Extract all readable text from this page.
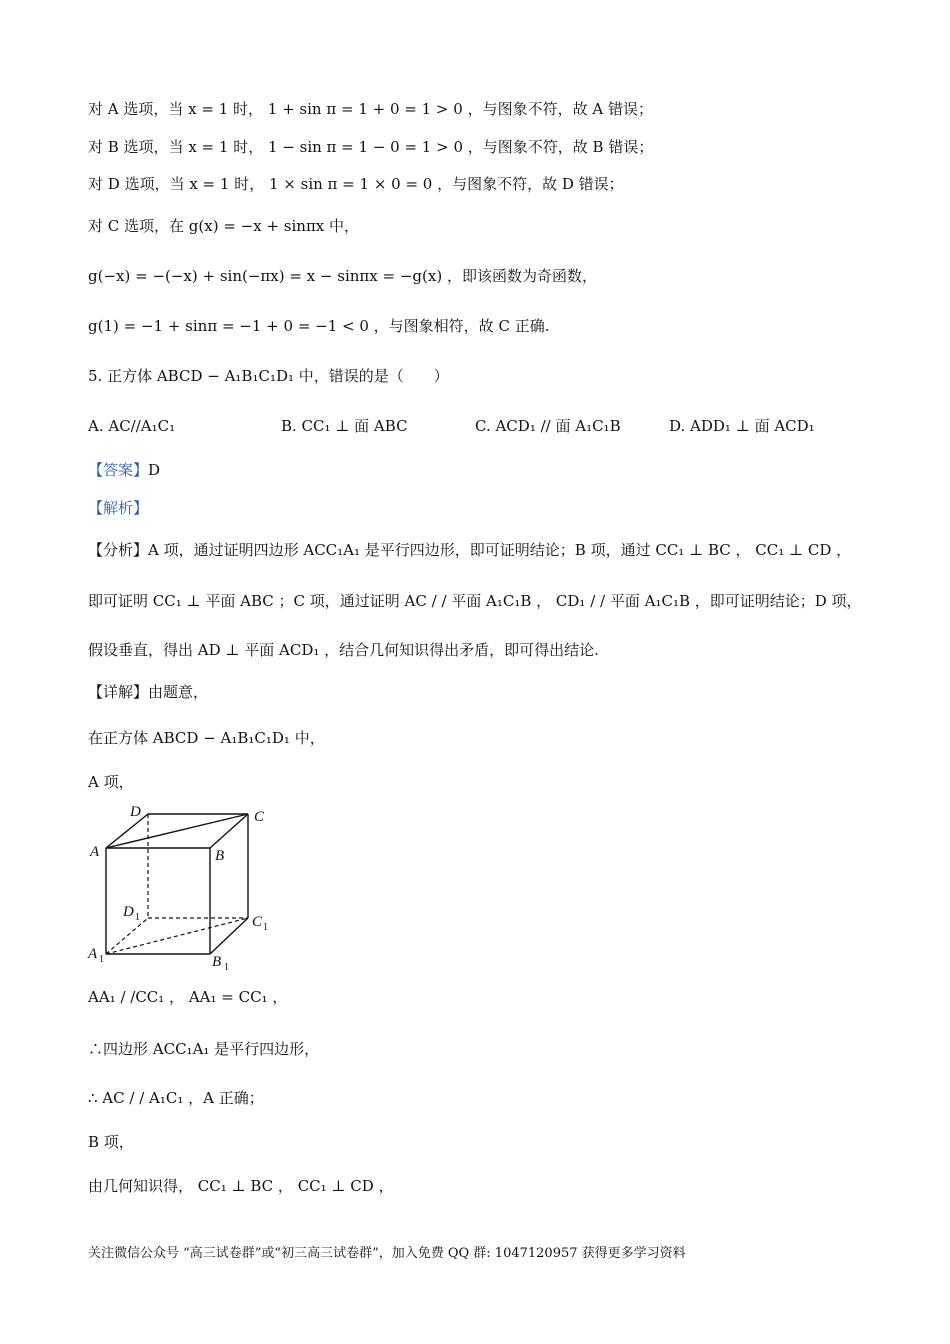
对 A 选项，当 x = 1 时， 1 + sin π = 1 + 0 = 1 > 0 ，与图象不符，故 A 错误；
对 B 选项，当 x = 1 时， 1 − sin π = 1 − 0 = 1 > 0 ，与图象不符，故 B 错误；
对 D 选项，当 x = 1 时， 1 × sin π = 1 × 0 = 0 ，与图象不符，故 D 错误；
对 C 选项，在 g(x) = −x + sinπx 中，
g(−x) = −(−x) + sin(−πx) = x − sinπx = −g(x) ，即该函数为奇函数，
g(1) = −1 + sinπ = −1 + 0 = −1 < 0 ，与图象相符，故 C 正确.
5. 正方体 ABCD − A₁B₁C₁D₁ 中，错误的是（　　）
A. AC//A₁C₁	B. CC₁ ⊥ 面 ABC	C. ACD₁ // 面 A₁C₁B	D. ADD₁ ⊥ 面 ACD₁
【答案】D
【解析】
【分析】A 项，通过证明四边形 ACC₁A₁ 是平行四边形，即可证明结论；B 项，通过 CC₁ ⊥ BC ， CC₁ ⊥ CD ，
即可证明 CC₁ ⊥ 平面 ABC ；C 项，通过证明 AC / / 平面 A₁C₁B ， CD₁ / / 平面 A₁C₁B ，即可证明结论；D 项，
假设垂直，得出 AD ⊥ 平面 ACD₁ ，结合几何知识得出矛盾，即可得出结论.
【详解】由题意，
在正方体 ABCD − A₁B₁C₁D₁ 中，
A 项，
D	C
A	B
D 1	C 1
A 1	B 1
AA₁ / /CC₁ ， AA₁ = CC₁ ，
∴四边形 ACC₁A₁ 是平行四边形，
∴ AC / / A₁C₁ ，A 正确；
B 项，
由几何知识得， CC₁ ⊥ BC ， CC₁ ⊥ CD ，
关注微信公众号 “高三试卷群”或“初三高三试卷群”，加入免费 QQ 群: 1047120957 获得更多学习资料
